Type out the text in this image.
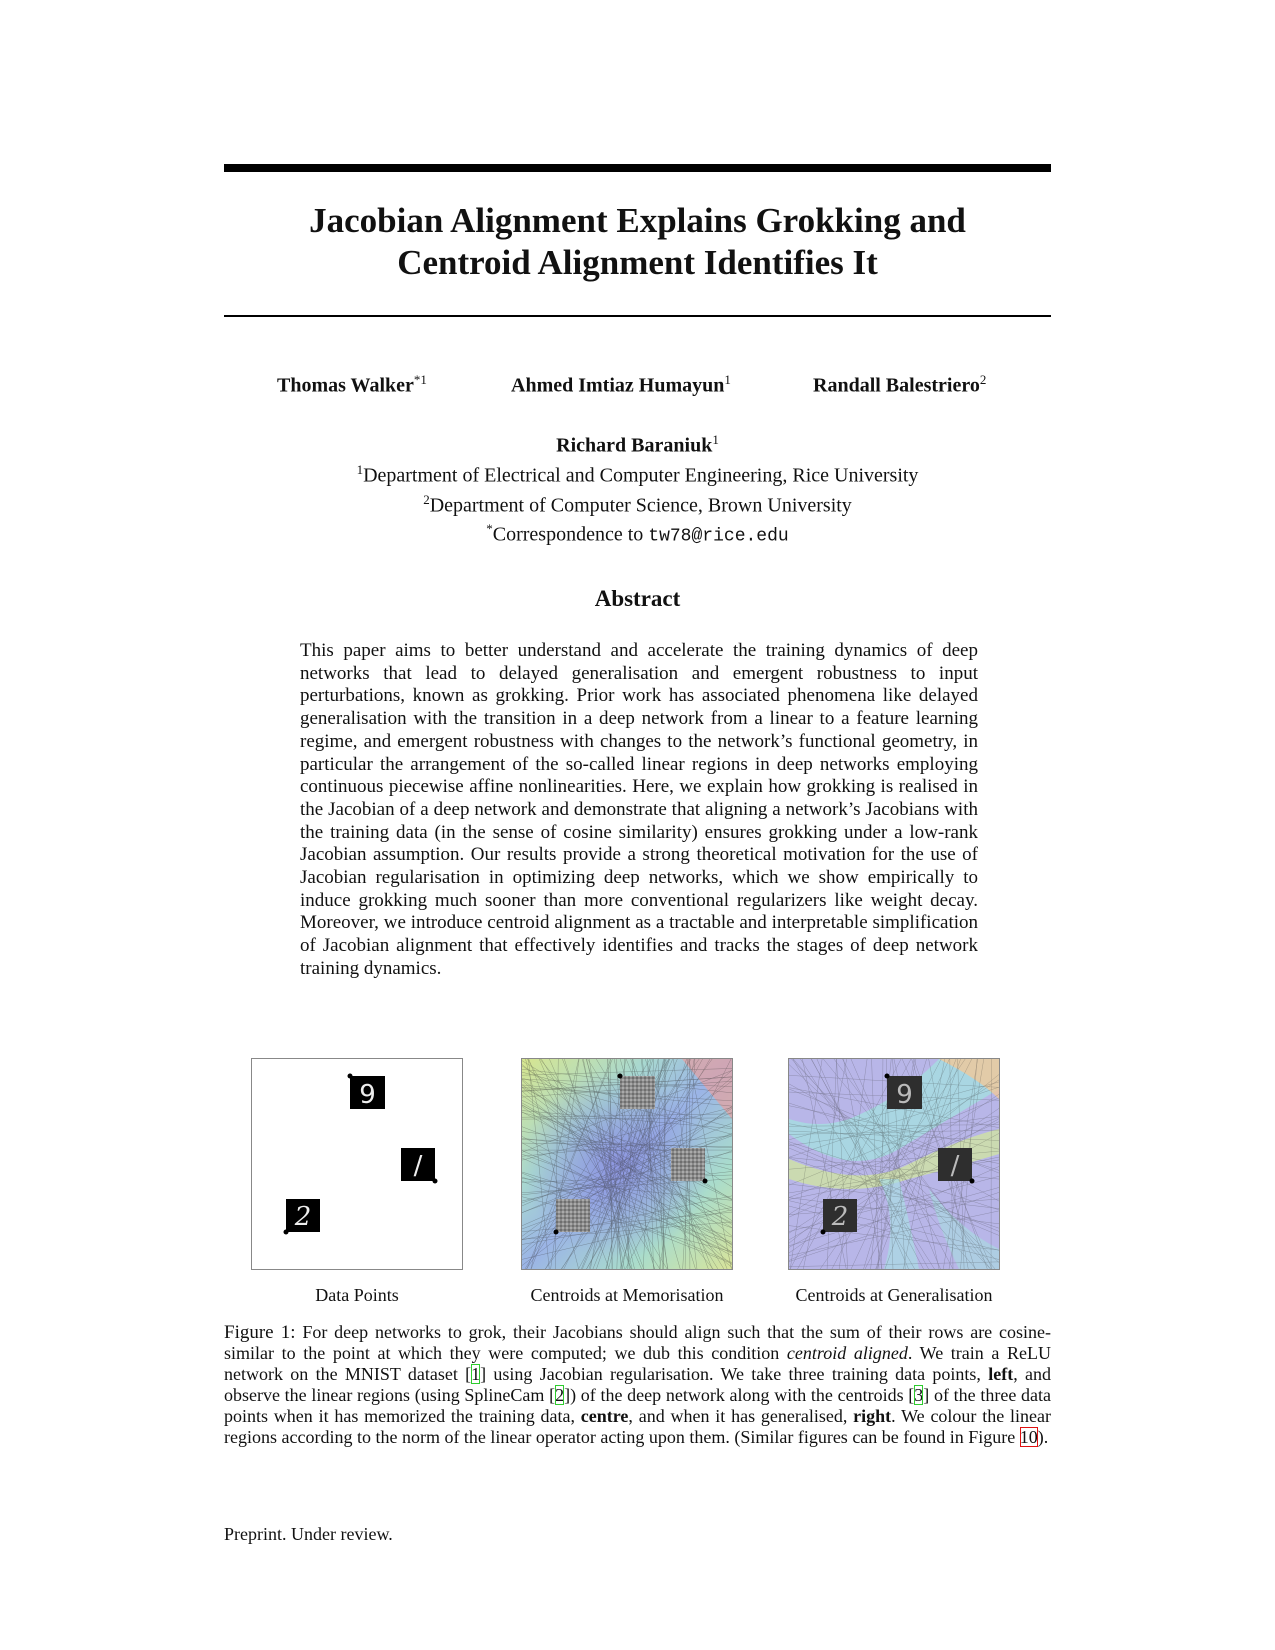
Jacobian Alignment Explains Grokking and
Centroid Alignment Identifies It
Thomas Walker$^{*1}$	Ahmed Imtiaz Humayun$^1$	Randall Balestriero$^2$
Richard Baraniuk$^1$
$^1$Department of Electrical and Computer Engineering, Rice University
$^2$Department of Computer Science, Brown University
*Correspondence to tw78@rice.edu
Abstract
This paper aims to better understand and accelerate the training dynamics of deep networks that lead to delayed generalisation and emergent robustness to input perturbations, known as grokking. Prior work has associated phenomena like delayed generalisation with the transition in a deep network from a linear to a feature learning regime, and emergent robustness with changes to the network’s functional geometry, in particular the arrangement of the so-called linear regions in deep networks employing continuous piecewise affine nonlinearities. Here, we explain how grokking is realised in the Jacobian of a deep network and demonstrate that aligning a network’s Jacobians with the training data (in the sense of cosine similarity) ensures grokking under a low-rank Jacobian assumption. Our results provide a strong theoretical motivation for the use of Jacobian regularisation in optimizing deep networks, which we show empirically to induce grokking much sooner than more conventional regularizers like weight decay. Moreover, we introduce centroid alignment as a tractable and interpretable simplification of Jacobian alignment that effectively identifies and tracks the stages of deep network training dynamics.
9
/
2
9
/
2
Data Points	Centroids at Memorisation	Centroids at Generalisation
Figure 1: For deep networks to grok, their Jacobians should align such that the sum of their rows are cosine-similar to the point at which they were computed; we dub this condition centroid aligned. We train a ReLU network on the MNIST dataset [1] using Jacobian regularisation. We take three training data points, left, and observe the linear regions (using SplineCam [2]) of the deep network along with the centroids [3] of the three data points when it has memorized the training data, centre, and when it has generalised, right. We colour the linear regions according to the norm of the linear operator acting upon them. (Similar figures can be found in Figure 10).
Preprint. Under review.
